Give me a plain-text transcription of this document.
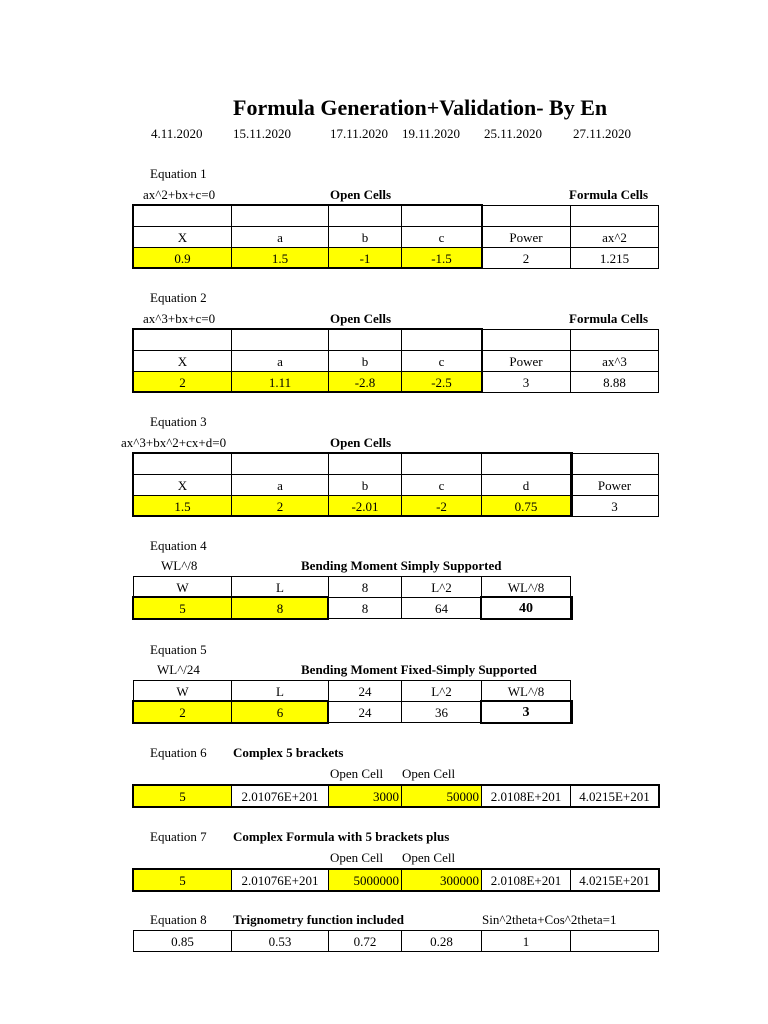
Formula Generation+Validation- By En
4.11.2020 15.11.2020	17.11.2020 19.11.2020 25.11.2020 27.11.2020
Equation 1
ax^2+bx+c=0	Open Cells	Formula Cells

X	a	b	c	Power	ax^2
0.9	1.5	-1	-1.5	2	1.215
Equation 2
ax^3+bx+c=0	Open Cells	Formula Cells

X	a	b	c	Power	ax^3
2	1.11	-2.8	-2.5	3	8.88
Equation 3
ax^3+bx^2+cx+d=0	Open Cells

X	a	b	c	d	Power
1.5	2	-2.01	-2	0.75	3
Equation 4
WL^/8	Bending Moment Simply Supported
W	L	8	L^2	WL^/8
5	8	8	64	40
Equation 5
WL^/24	Bending Moment Fixed-Simply Supported
W	L	24	L^2	WL^/8
2	6	24	36	3
Equation 6 Complex 5 brackets
Open Cell Open Cell
5	2.01076E+201	3000	50000	2.0108E+201	4.0215E+201
Equation 7 Complex Formula with 5 brackets plus
Open Cell Open Cell
5	2.01076E+201	5000000	300000	2.0108E+201	4.0215E+201
Equation 8 Trignometry function included	Sin^2theta+Cos^2theta=1
0.85	0.53	0.72	0.28	1	
